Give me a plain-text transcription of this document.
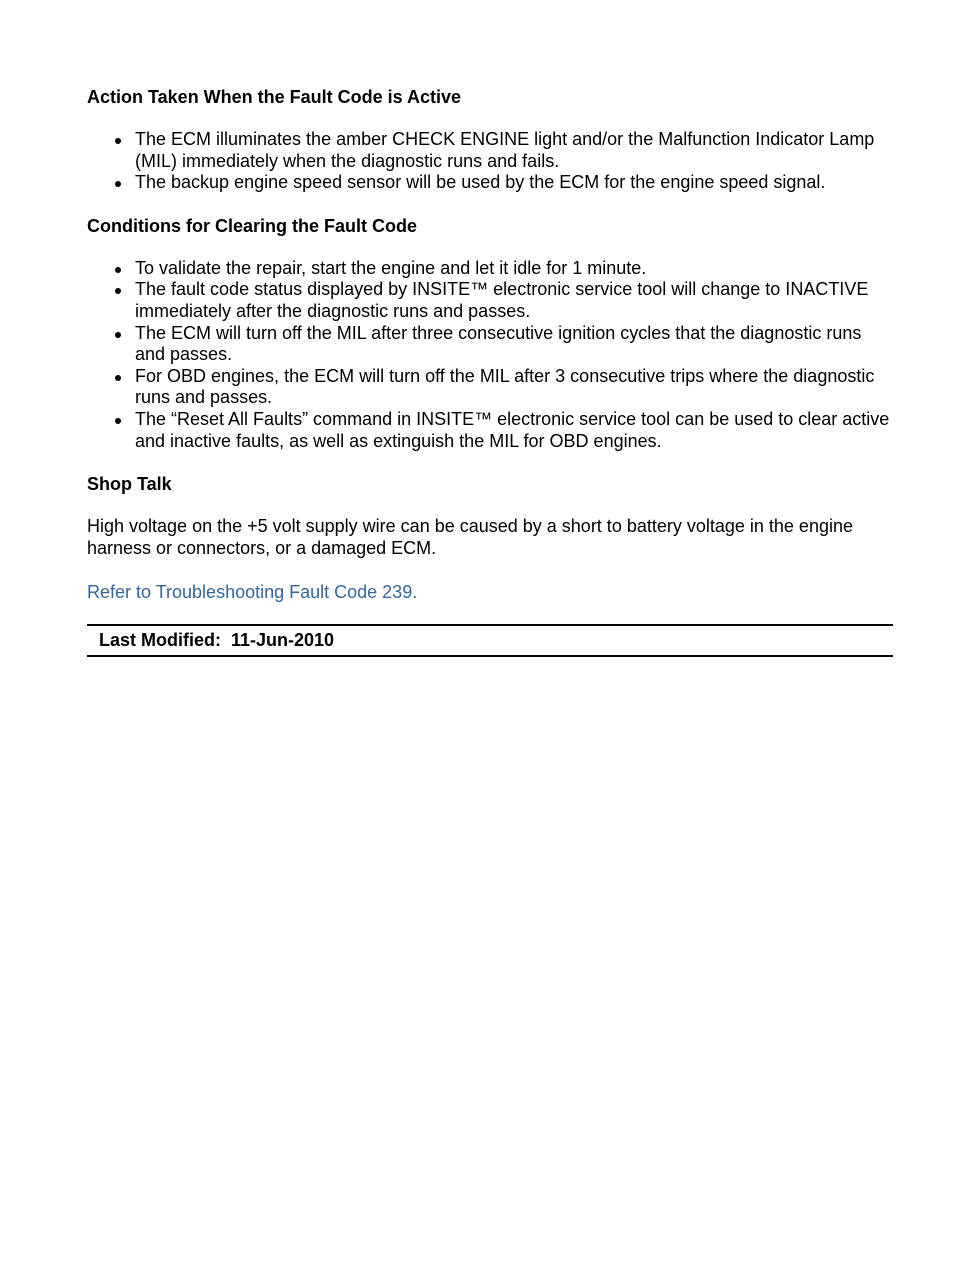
Action Taken When the Fault Code is Active
The ECM illuminates the amber CHECK ENGINE light and/or the Malfunction Indicator Lamp (MIL) immediately when the diagnostic runs and fails.
The backup engine speed sensor will be used by the ECM for the engine speed signal.
Conditions for Clearing the Fault Code
To validate the repair, start the engine and let it idle for 1 minute.
The fault code status displayed by INSITE™ electronic service tool will change to INACTIVE immediately after the diagnostic runs and passes.
The ECM will turn off the MIL after three consecutive ignition cycles that the diagnostic runs and passes.
For OBD engines, the ECM will turn off the MIL after 3 consecutive trips where the diagnostic runs and passes.
The “Reset All Faults” command in INSITE™ electronic service tool can be used to clear active and inactive faults, as well as extinguish the MIL for OBD engines.
Shop Talk

High voltage on the +5 volt supply wire can be caused by a short to battery voltage in the engine harness or connectors, or a damaged ECM.

Refer to Troubleshooting Fault Code 239.

Last Modified: 11-Jun-2010
